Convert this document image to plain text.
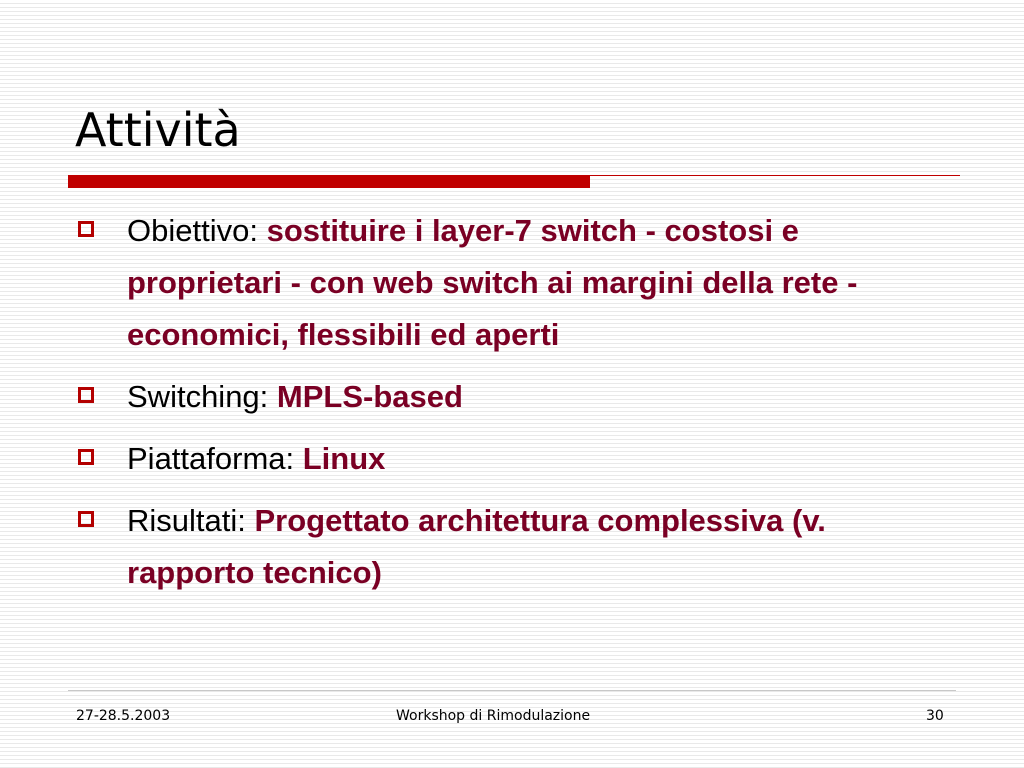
Attività
Obiettivo: sostituire i layer-7 switch - costosi e proprietari - con web switch ai margini della rete - economici, flessibili ed aperti
Switching: MPLS-based
Piattaforma: Linux
Risultati: Progettato architettura complessiva (v. rapporto tecnico)
27-28.5.2003	Workshop di Rimodulazione	30
